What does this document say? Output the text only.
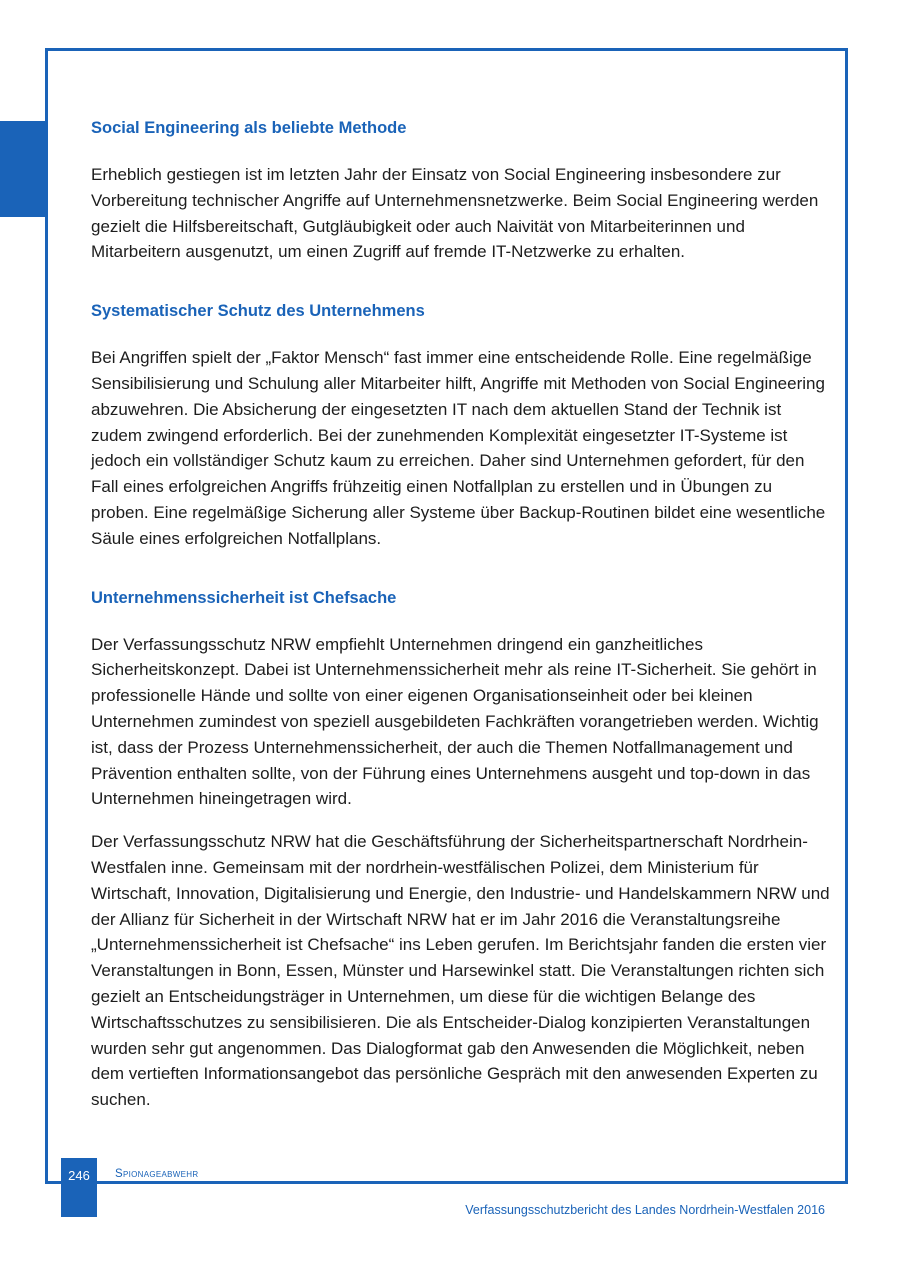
Social Engineering als beliebte Methode

Erheblich gestiegen ist im letzten Jahr der Einsatz von Social Engineering insbesondere zur Vorbereitung technischer Angriffe auf Unternehmensnetzwerke. Beim Social Engineering werden gezielt die Hilfsbereitschaft, Gutgläubigkeit oder auch Naivität von Mitarbeiterinnen und Mitarbeitern ausgenutzt, um einen Zugriff auf fremde IT-Netzwerke zu erhalten.

Systematischer Schutz des Unternehmens

Bei Angriffen spielt der „Faktor Mensch“ fast immer eine entscheidende Rolle. Eine regelmäßige Sensibilisierung und Schulung aller Mitarbeiter hilft, Angriffe mit Methoden von Social Engineering abzuwehren. Die Absicherung der eingesetzten IT nach dem aktuellen Stand der Technik ist zudem zwingend erforderlich. Bei der zunehmenden Komplexität eingesetzter IT-Systeme ist jedoch ein vollständiger Schutz kaum zu erreichen. Daher sind Unternehmen gefordert, für den Fall eines erfolgreichen Angriffs frühzeitig einen Notfallplan zu erstellen und in Übungen zu proben. Eine regelmäßige Sicherung aller Systeme über Backup-Routinen bildet eine wesentliche Säule eines erfolgreichen Notfallplans.

Unternehmenssicherheit ist Chefsache

Der Verfassungsschutz NRW empfiehlt Unternehmen dringend ein ganzheitliches Sicherheitskonzept. Dabei ist Unternehmenssicherheit mehr als reine IT-Sicherheit. Sie gehört in professionelle Hände und sollte von einer eigenen Organisationseinheit oder bei kleinen Unternehmen zumindest von speziell ausgebildeten Fachkräften vorangetrieben werden. Wichtig ist, dass der Prozess Unternehmenssicherheit, der auch die Themen Notfallmanagement und Prävention enthalten sollte, von der Führung eines Unternehmens ausgeht und top-down in das Unternehmen hineingetragen wird.

Der Verfassungsschutz NRW hat die Geschäftsführung der Sicherheitspartnerschaft Nordrhein-Westfalen inne. Gemeinsam mit der nordrhein-westfälischen Polizei, dem Ministerium für Wirtschaft, Innovation, Digitalisierung und Energie, den Industrie- und Handelskammern NRW und der Allianz für Sicherheit in der Wirtschaft NRW hat er im Jahr 2016 die Veranstaltungsreihe „Unternehmenssicherheit ist Chefsache“ ins Leben gerufen. Im Berichtsjahr fanden die ersten vier Veranstaltungen in Bonn, Essen, Münster und Harsewinkel statt. Die Veranstaltungen richten sich gezielt an Entscheidungsträger in Unternehmen, um diese für die wichtigen Belange des Wirtschaftsschutzes zu sensibilisieren. Die als Entscheider-Dialog konzipierten Veranstaltungen wurden sehr gut angenommen. Das Dialogformat gab den Anwesenden die Möglichkeit, neben dem vertieften Informationsangebot das persönliche Gespräch mit den anwesenden Experten zu suchen.

246	Spionageabwehr
Verfassungsschutzbericht des Landes Nordrhein-Westfalen 2016
